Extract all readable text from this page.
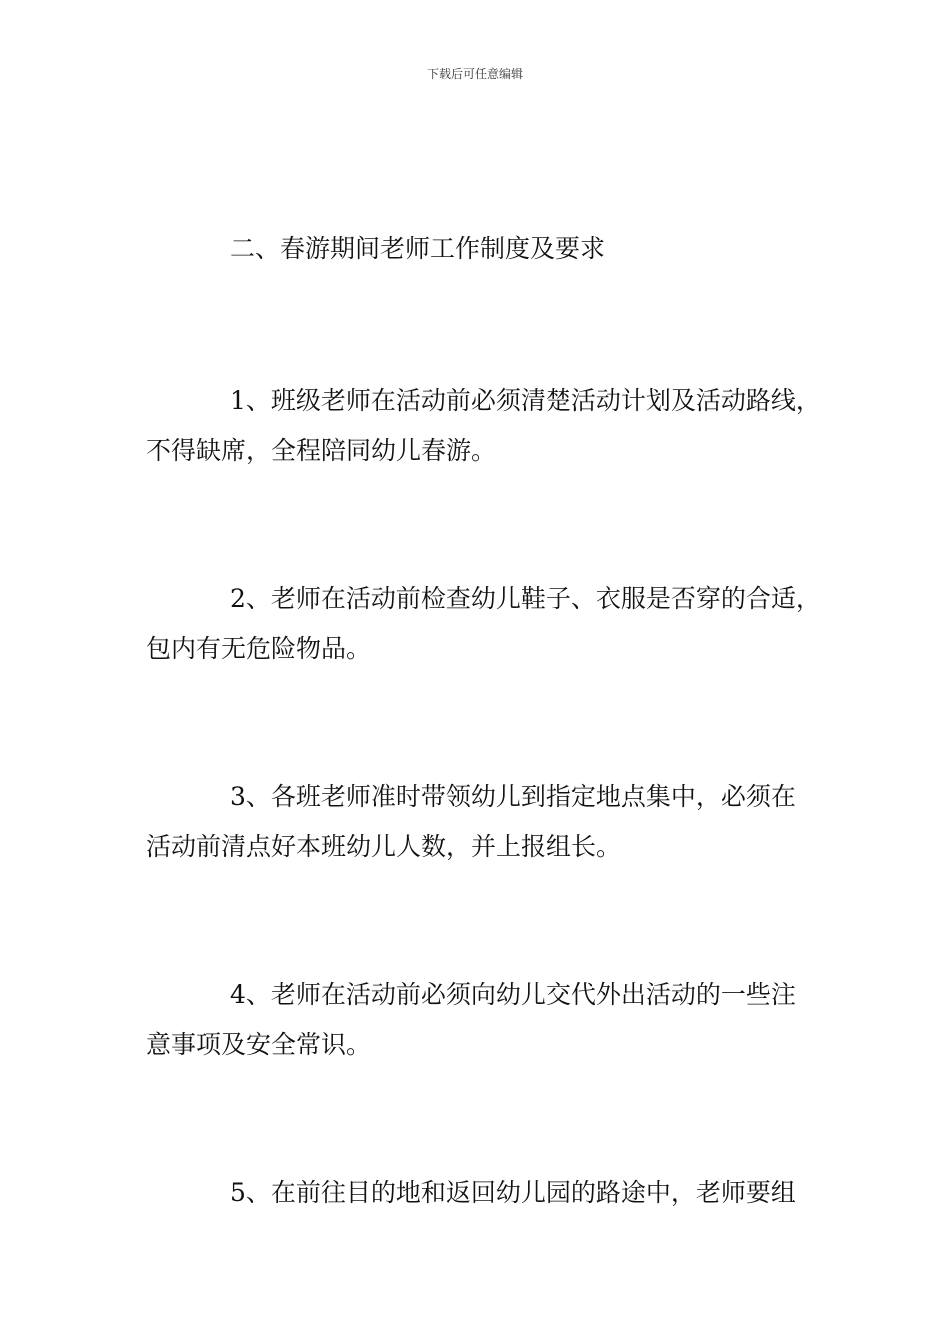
下载后可任意编辑
二、春游期间老师工作制度及要求
1、班级老师在活动前必须清楚活动计划及活动路线，
不得缺席，全程陪同幼儿春游。
2、老师在活动前检查幼儿鞋子、衣服是否穿的合适，
包内有无危险物品。
3、各班老师准时带领幼儿到指定地点集中，必须在
活动前清点好本班幼儿人数，并上报组长。
4、老师在活动前必须向幼儿交代外出活动的一些注
意事项及安全常识。
5、在前往目的地和返回幼儿园的路途中，老师要组
